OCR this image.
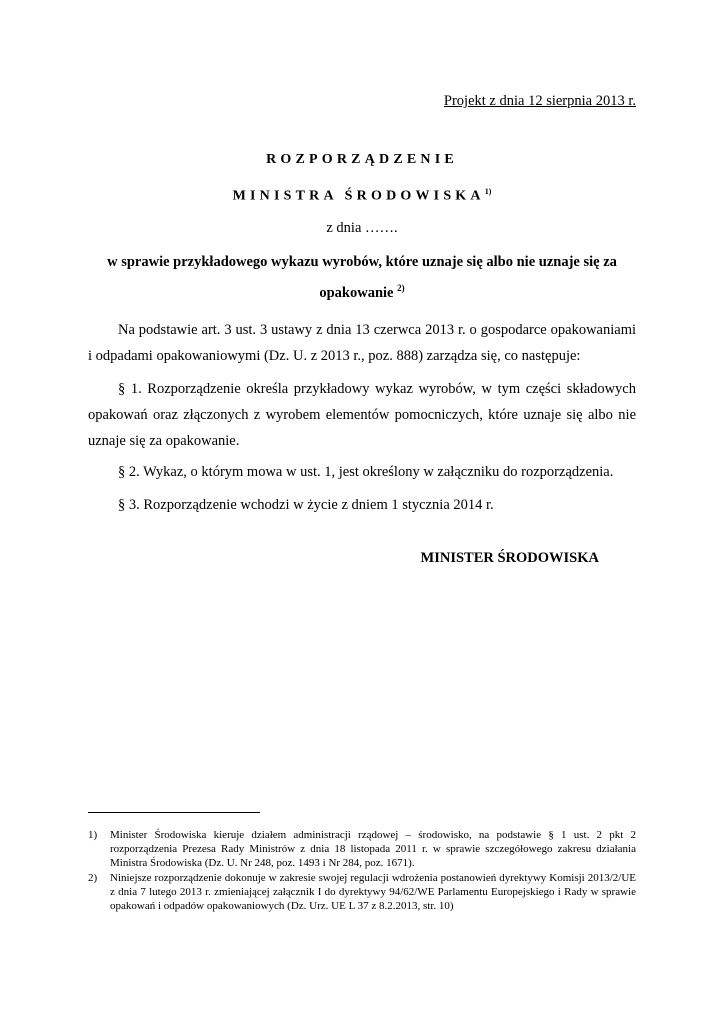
Projekt z dnia 12 sierpnia 2013 r.
ROZPORZĄDZENIE
MINISTRA ŚRODOWISKA$^{1)}$
z dnia …….
w sprawie przykładowego wykazu wyrobów, które uznaje się albo nie uznaje się za opakowanie $^{2)}$
Na podstawie art. 3 ust. 3 ustawy z dnia 13 czerwca 2013 r. o gospodarce opakowaniami i odpadami opakowaniowymi (Dz. U. z 2013 r., poz. 888) zarządza się, co następuje:
§ 1. Rozporządzenie określa przykładowy wykaz wyrobów, w tym części składowych opakowań oraz złączonych z wyrobem elementów pomocniczych, które uznaje się albo nie uznaje się za opakowanie.
§ 2. Wykaz, o którym mowa w ust. 1, jest określony w załączniku do rozporządzenia.
§ 3. Rozporządzenie wchodzi w życie z dniem 1 stycznia 2014 r.
MINISTER ŚRODOWISKA
1)	Minister Środowiska kieruje działem administracji rządowej – środowisko, na podstawie § 1 ust. 2 pkt 2 rozporządzenia Prezesa Rady Ministrów z dnia 18 listopada 2011 r. w sprawie szczegółowego zakresu działania Ministra Środowiska (Dz. U. Nr 248, poz. 1493 i Nr 284, poz. 1671).
2)	Niniejsze rozporządzenie dokonuje w zakresie swojej regulacji wdrożenia postanowień dyrektywy Komisji 2013/2/UE z dnia 7 lutego 2013 r. zmieniającej załącznik I do dyrektywy 94/62/WE Parlamentu Europejskiego i Rady w sprawie opakowań i odpadów opakowaniowych (Dz. Urz. UE L 37 z 8.2.2013, str. 10)
